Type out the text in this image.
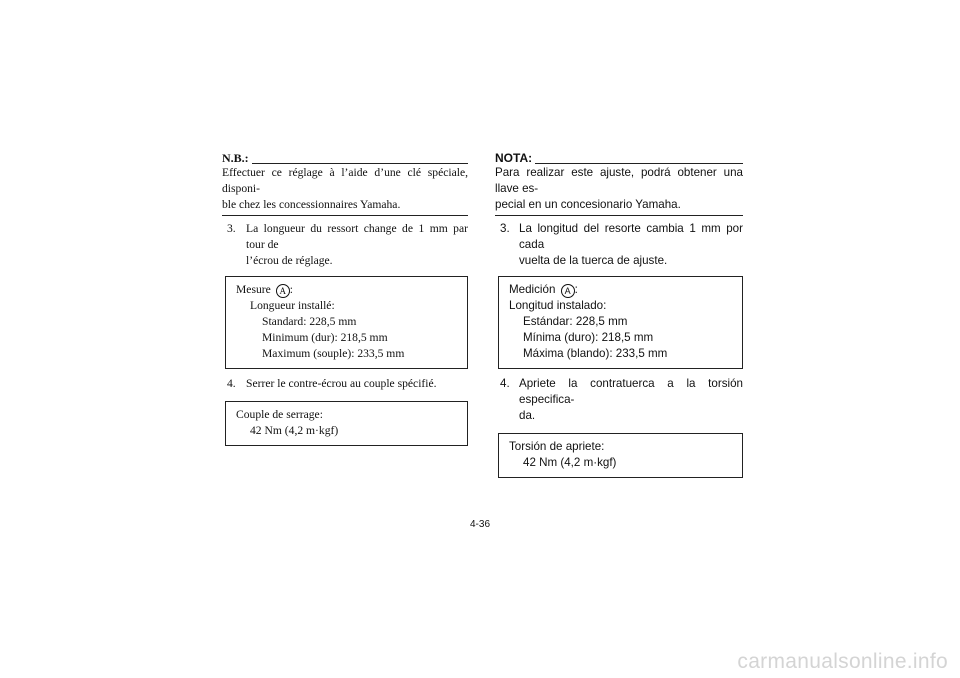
N.B.:
Effectuer ce réglage à l’aide d’une clé spéciale, disponi-
ble chez les concessionnaires Yamaha.
3. La longueur du ressort change de 1 mm par tour de
l’écrou de réglage.
Mesure A :
Longueur installé:
Standard: 228,5 mm
Minimum (dur): 218,5 mm
Maximum (souple): 233,5 mm
4. Serrer le contre-écrou au couple spécifié.
Couple de serrage:
42 Nm (4,2 m·kgf)
NOTA:
Para realizar este ajuste, podrá obtener una llave es-
pecial en un concesionario Yamaha.
3. La longitud del resorte cambia 1 mm por cada
vuelta de la tuerca de ajuste.
Medición A :
Longitud instalado:
Estándar: 228,5 mm
Mínima (duro): 218,5 mm
Máxima (blando): 233,5 mm
4. Apriete la contratuerca a la torsión especifica-
da.
Torsión de apriete:
42 Nm (4,2 m·kgf)
4-36
carmanualsonline.info
